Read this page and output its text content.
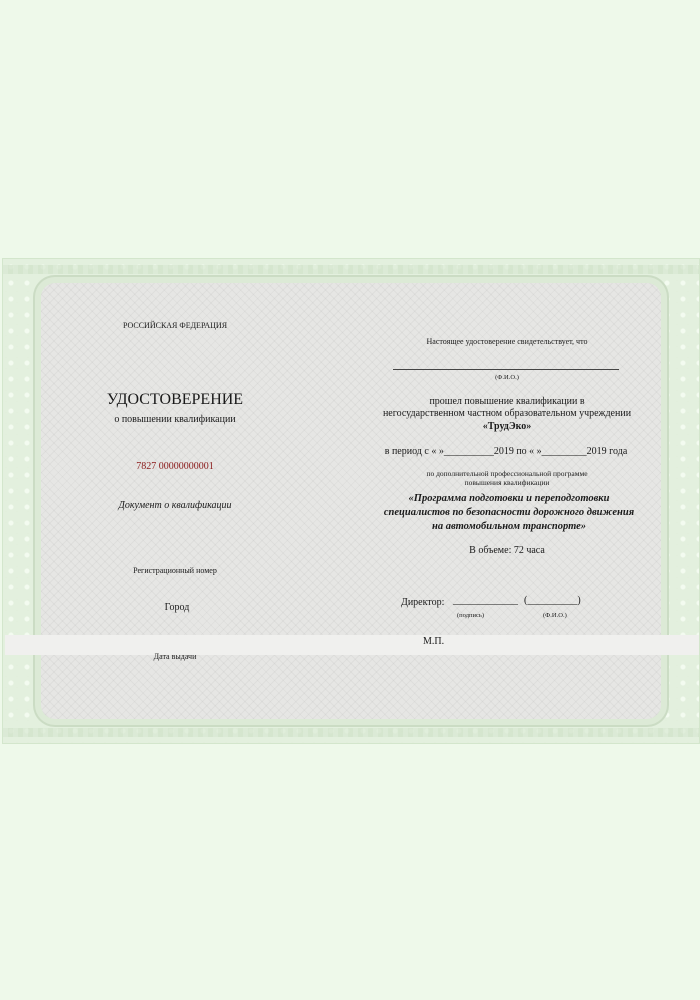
РОССИЙСКАЯ ФЕДЕРАЦИЯ
УДОСТОВЕРЕНИЕ
о повышении квалификации
7827 00000000001
Документ о квалификации
Регистрационный номер
Город
Дата выдачи
Настоящее удостоверение свидетельствует, что
(Ф.И.О.)
прошел повышение квалификации в
негосударственном частном образовательном учреждении
«ТрудЭко»
в период с « »__________2019 по « »_________2019 года
по дополнительной профессиональной программе
повышения квалификации
«Программа подготовки и переподготовки
специалистов по безопасности дорожного движения
на автомобильном транспорте»
В объеме: 72 часа
Директор: _____________ (__________)
(подпись)	(Ф.И.О.)
М.П.
